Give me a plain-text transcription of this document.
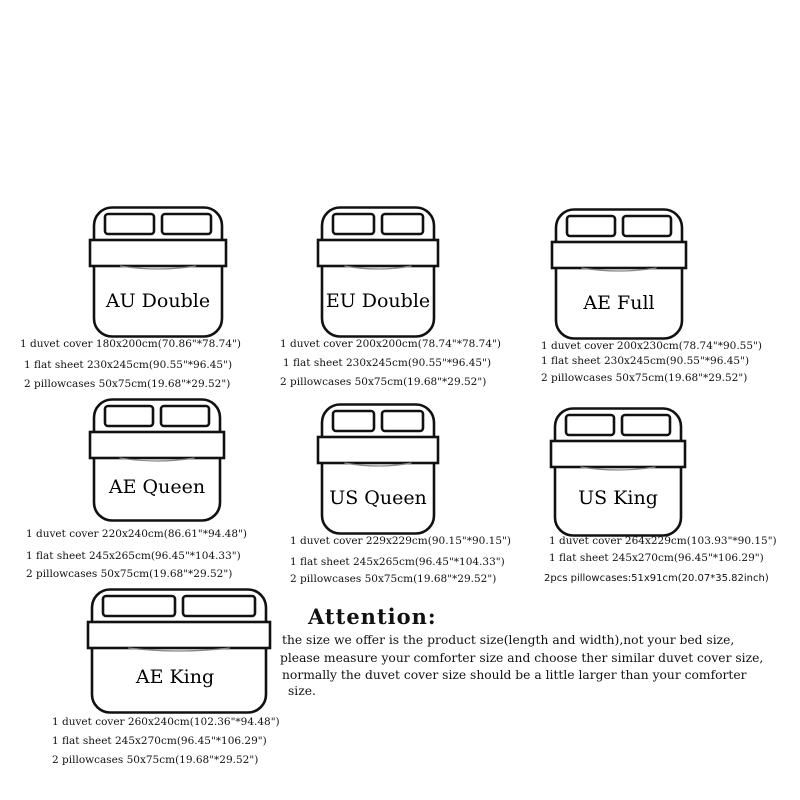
AU Double
1 duvet cover 180x200cm(70.86"*78.74")
1 flat sheet 230x245cm(90.55"*96.45")
2 pillowcases 50x75cm(19.68"*29.52")
EU Double
1 duvet cover 200x200cm(78.74"*78.74")
1 flat sheet 230x245cm(90.55"*96.45")
2 pillowcases 50x75cm(19.68"*29.52")
AE Full
1 duvet cover 200x230cm(78.74"*90.55")
1 flat sheet 230x245cm(90.55"*96.45")
2 pillowcases 50x75cm(19.68"*29.52")
AE Queen
1 duvet cover 220x240cm(86.61"*94.48")
1 flat sheet 245x265cm(96.45"*104.33")
2 pillowcases 50x75cm(19.68"*29.52")
US Queen
1 duvet cover 229x229cm(90.15"*90.15")
1 flat sheet 245x265cm(96.45"*104.33")
2 pillowcases 50x75cm(19.68"*29.52")
US King
1 duvet cover 264x229cm(103.93"*90.15")
1 flat sheet 245x270cm(96.45"*106.29")
2pcs pillowcases:51x91cm(20.07*35.82inch)
AE King
1 duvet cover 260x240cm(102.36"*94.48")
1 flat sheet 245x270cm(96.45"*106.29")
2 pillowcases 50x75cm(19.68"*29.52")
Attention:
the size we offer is the product size(length and width),not your bed size,
please measure your comforter size and choose ther similar duvet cover size,
normally the duvet cover size should be a little larger than your comforter
size.
